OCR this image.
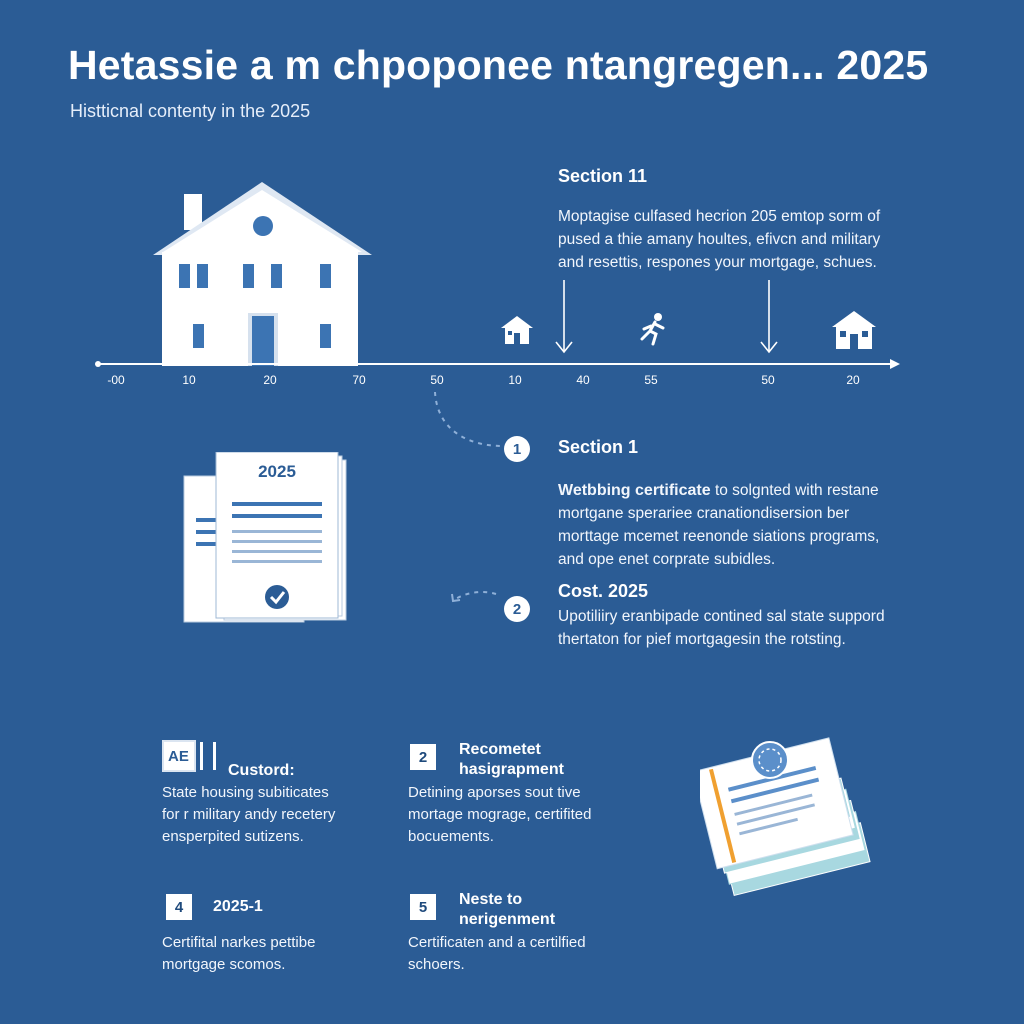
Hetassie a m chpoponee ntangregen... 2025
Histticnal contenty in the 2025
-00	10	20	70	50	10	40	55	50	20
Section 11
Moptagise culfased hecrion 205 emtop sorm of
pused a thie amany houltes, efivcn and military
and resettis, respones your mortgage, schues.
2025
1	Section 1
Wetbbing certificate to solgnted with restane
mortgane sperariee cranationdisersion ber
morttage mcemet reenonde siations programs,
and ope enet corprate subidles.
2
Cost. 2025
Upotiliiry eranbipade contined sal state suppord
thertaton for pief mortgagesin the rotsting.
AE
Custord:
State housing subiticates
for r military andy recetery
ensperpited sutizens.
2	Recometet hasigrapment
Detining aporses sout tive
mortage mograge, certifited
bocuements.
4	2025-1
Certifital narkes pettibe
mortgage scomos.
5	Neste to nerigenment
Certificaten and a certilfied
schoers.
